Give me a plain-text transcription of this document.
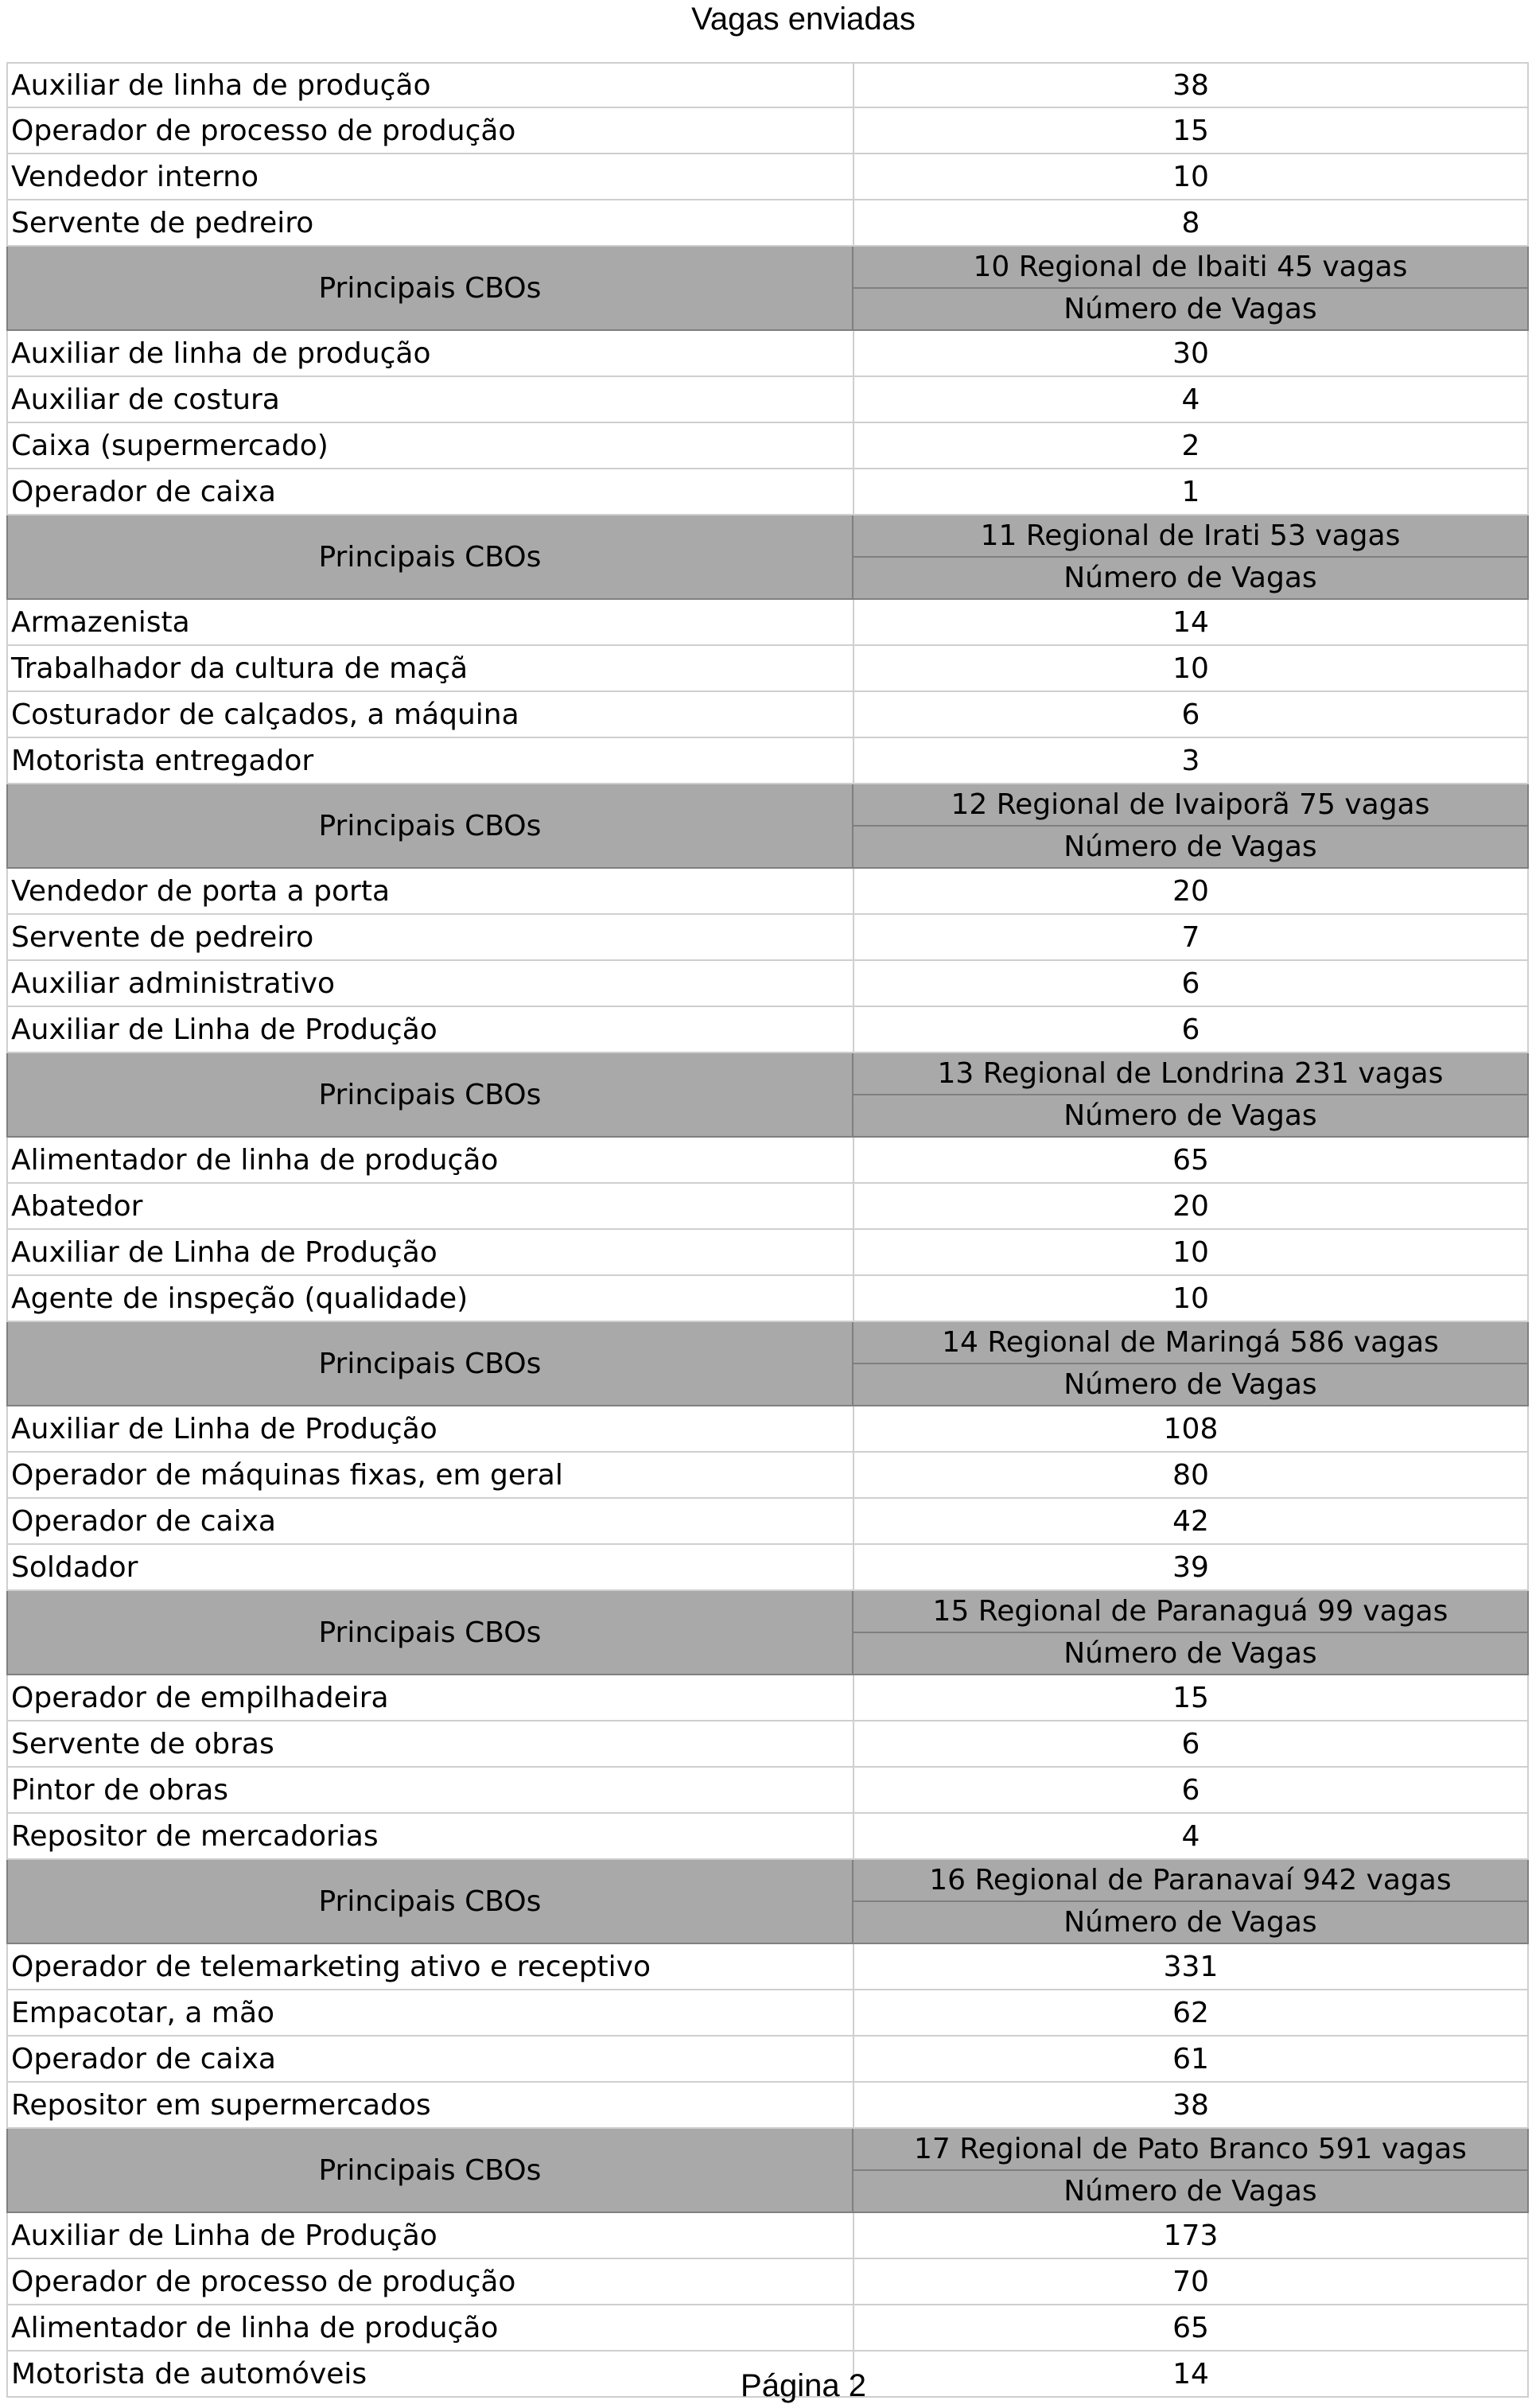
Vagas enviadas
Auxiliar de linha de produção	38
Operador de processo de produção	15
Vendedor interno	10
Servente de pedreiro	8
Principais CBOs
10 Regional de Ibaiti 45 vagas
Número de Vagas
Auxiliar de linha de produção	30
Auxiliar de costura	4
Caixa (supermercado)	2
Operador de caixa	1
Principais CBOs
11 Regional de Irati 53 vagas
Número de Vagas
Armazenista	14
Trabalhador da cultura de maçã	10
Costurador de calçados, a máquina	6
Motorista entregador	3
Principais CBOs
12 Regional de Ivaiporã 75 vagas
Número de Vagas
Vendedor de porta a porta	20
Servente de pedreiro	7
Auxiliar administrativo	6
Auxiliar de Linha de Produção	6
Principais CBOs
13 Regional de Londrina 231 vagas
Número de Vagas
Alimentador de linha de produção	65
Abatedor	20
Auxiliar de Linha de Produção	10
Agente de inspeção (qualidade)	10
Principais CBOs
14 Regional de Maringá 586 vagas
Número de Vagas
Auxiliar de Linha de Produção	108
Operador de máquinas fixas, em geral	80
Operador de caixa	42
Soldador	39
Principais CBOs
15 Regional de Paranaguá 99 vagas
Número de Vagas
Operador de empilhadeira	15
Servente de obras	6
Pintor de obras	6
Repositor de mercadorias	4
Principais CBOs
16 Regional de Paranavaí 942 vagas
Número de Vagas
Operador de telemarketing ativo e receptivo	331
Empacotar, a mão	62
Operador de caixa	61
Repositor em supermercados	38
Principais CBOs
17 Regional de Pato Branco 591 vagas
Número de Vagas
Auxiliar de Linha de Produção	173
Operador de processo de produção	70
Alimentador de linha de produção	65
Motorista de automóveis	14
Página 2
